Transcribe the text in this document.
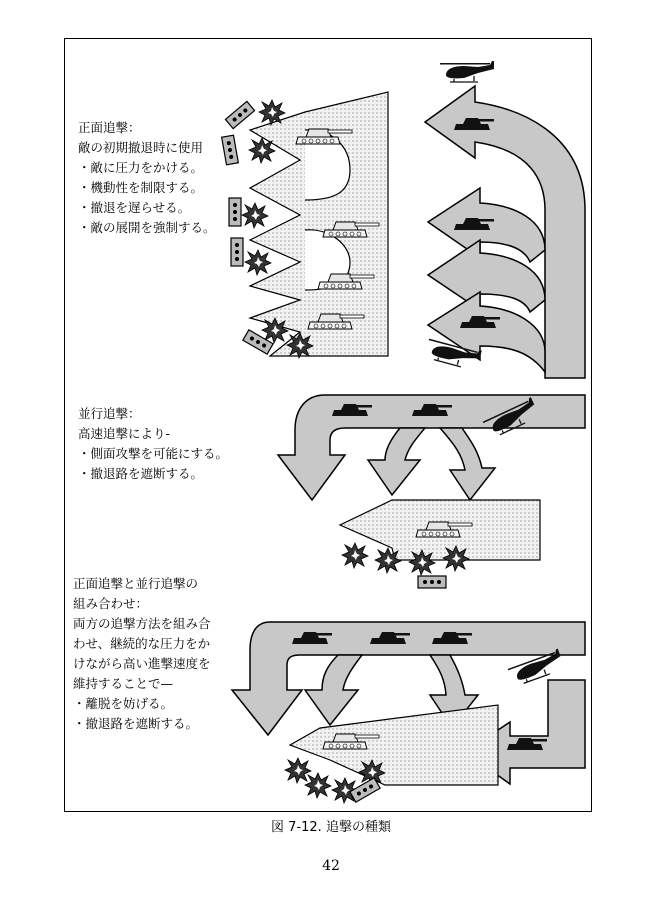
正面追撃：
敵の初期撤退時に使用
・敵に圧力をかける。
・機動性を制限する。
・撤退を遅らせる。
・敵の展開を強制する。
並行追撃：
高速追撃により-
・側面攻撃を可能にする。
・撤退路を遮断する。
正面追撃と並行追撃の
組み合わせ：
両方の追撃方法を組み合
わせ、継続的な圧力をか
けながら高い進撃速度を
維持することで—
・離脱を妨げる。
・撤退路を遮断する。
図 7-12. 追撃の種類
42
